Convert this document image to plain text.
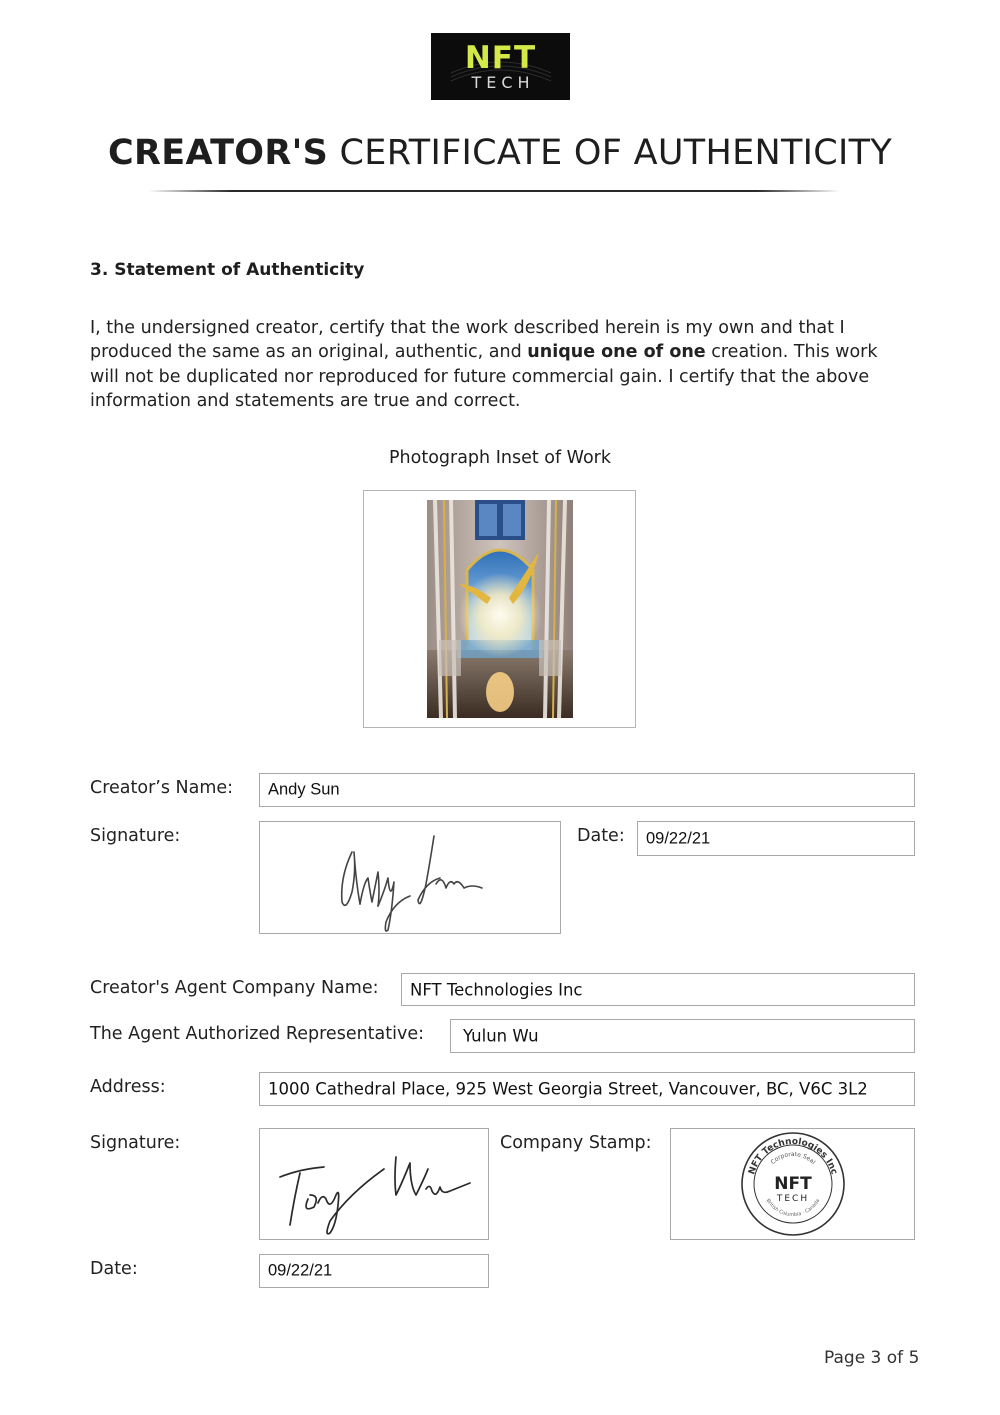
NFT
TECH
CREATOR'S CERTIFICATE OF AUTHENTICITY
3. Statement of Authenticity
I, the undersigned creator, certify that the work described herein is my own and that I produced the same as an original, authentic, and unique one of one creation. This work will not be duplicated nor reproduced for future commercial gain. I certify that the above information and statements are true and correct.
Photograph Inset of Work
Creator’s Name: Andy Sun
Signature:	Date: 09/22/21
Creator's Agent Company Name: NFT Technologies Inc
The Agent Authorized Representative: Yulun Wu
Address:	1000 Cathedral Place, 925 West Georgia Street, Vancouver, BC, V6C 3L2
Signature:	Company Stamp:
NFT Technologies Inc
Corporate Seal
British Columbia · Canada
NFT
TECH
Date:	09/22/21
Page 3 of 5
